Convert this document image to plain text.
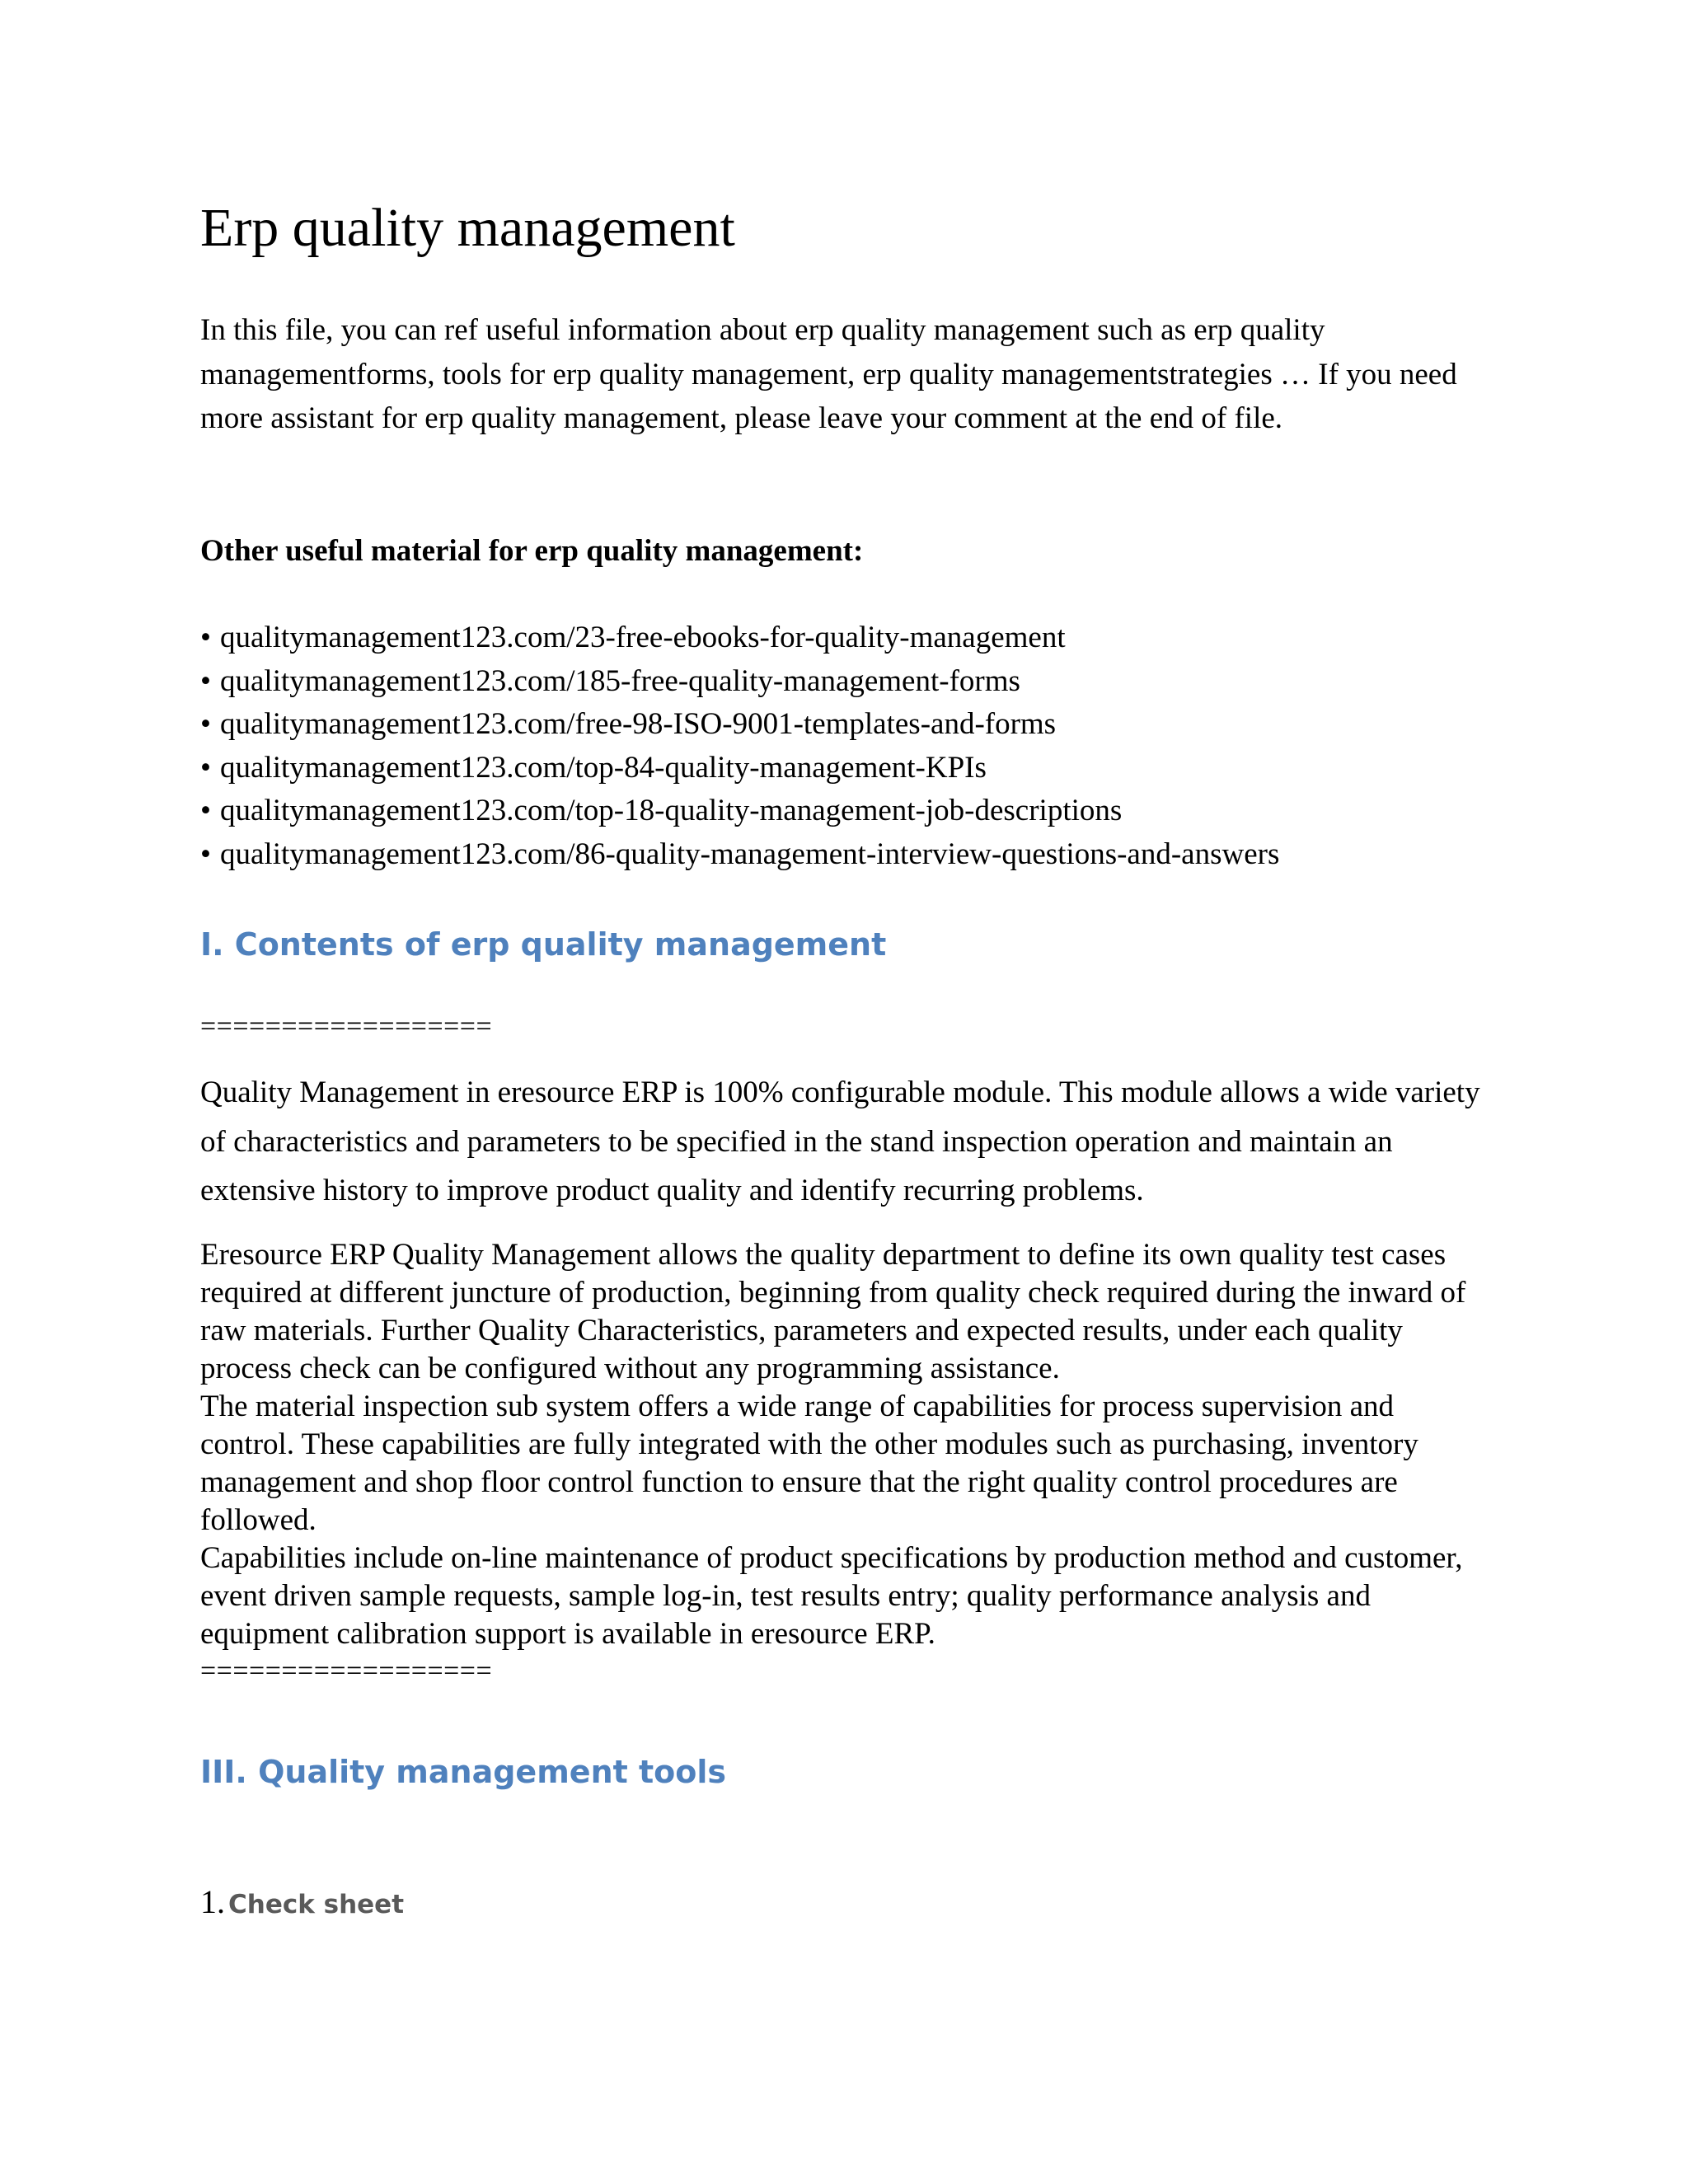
Erp quality management

In this file, you can ref useful information about erp quality management such as erp quality managementforms, tools for erp quality management, erp quality managementstrategies … If you need more assistant for erp quality management, please leave your comment at the end of file.

Other useful material for erp quality management:

• qualitymanagement123.com/23-free-ebooks-for-quality-management
• qualitymanagement123.com/185-free-quality-management-forms
• qualitymanagement123.com/free-98-ISO-9001-templates-and-forms
• qualitymanagement123.com/top-84-quality-management-KPIs
• qualitymanagement123.com/top-18-quality-management-job-descriptions
• qualitymanagement123.com/86-quality-management-interview-questions-and-answers
I. Contents of erp quality management

==================

Quality Management in eresource ERP is 100% configurable module. This module allows a wide variety of characteristics and parameters to be specified in the stand inspection operation and maintain an extensive history to improve product quality and identify recurring problems.

Eresource ERP Quality Management allows the quality department to define its own quality test cases required at different juncture of production, beginning from quality check required during the inward of raw materials. Further Quality Characteristics, parameters and expected results, under each quality process check can be configured without any programming assistance.
The material inspection sub system offers a wide range of capabilities for process supervision and control. These capabilities are fully integrated with the other modules such as purchasing, inventory management and shop floor control function to ensure that the right quality control procedures are followed.
Capabilities include on-line maintenance of product specifications by production method and customer, event driven sample requests, sample log-in, test results entry; quality performance analysis and equipment calibration support is available in eresource ERP.

==================

III. Quality management tools

1. Check sheet
